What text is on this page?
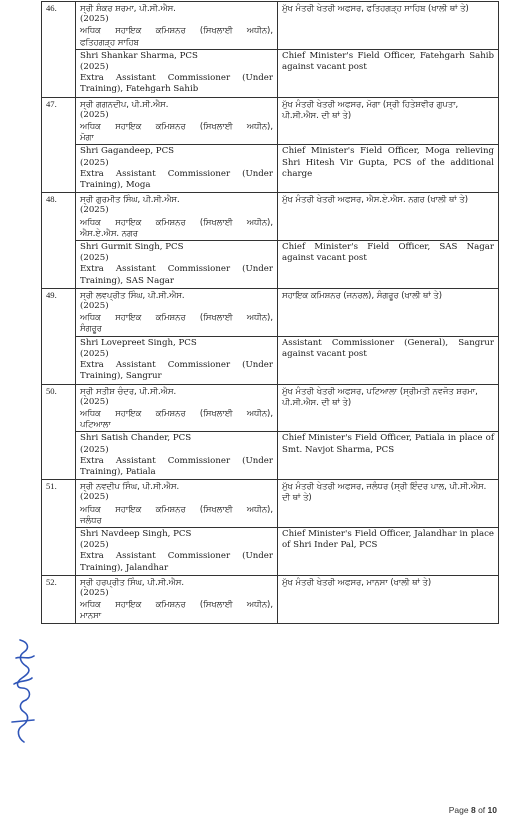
46.	ਸ੍ਰੀ ਸ਼ੰਕਰ ਸ਼ਰਮਾ, ਪੀ.ਸੀ.ਐਸ.
(2025)
ਅਧਿਕ ਸਹਾਇਕ ਕਮਿਸ਼ਨਰ (ਸਿਖਲਾਈ ਅਧੀਨ),
ਫਤਿਹਗੜ੍ਹ ਸਾਹਿਬ	ਮੁੱਖ ਮੰਤਰੀ ਖੇਤਰੀ ਅਫਸਰ, ਫਤਿਹਗੜ੍ਹ ਸਾਹਿਬ (ਖਾਲੀ ਥਾਂ ਤੇ)

	Shri Shankar Sharma, PCS
(2025)
Extra Assistant Commissioner (Under
Training), Fatehgarh Sahib	Chief Minister's Field Officer, Fatehgarh Sahib against vacant post

47.	ਸ੍ਰੀ ਗਗਨਦੀਪ, ਪੀ.ਸੀ.ਐਸ.
(2025)
ਅਧਿਕ ਸਹਾਇਕ ਕਮਿਸ਼ਨਰ (ਸਿਖਲਾਈ ਅਧੀਨ),
ਮੋਗਾ	ਮੁੱਖ ਮੰਤਰੀ ਖੇਤਰੀ ਅਫਸਰ, ਮੋਗਾ (ਸ੍ਰੀ ਹਿਤੇਸ਼ਵੀਰ ਗੁਪਤਾ, ਪੀ.ਸੀ.ਐਸ. ਦੀ ਥਾਂ ਤੇ)

	Shri Gagandeep, PCS
(2025)
Extra Assistant Commissioner (Under
Training), Moga	Chief Minister's Field Officer, Moga relieving Shri Hitesh Vir Gupta, PCS of the additional charge

48.	ਸ੍ਰੀ ਗੁਰਮੀਤ ਸਿੰਘ, ਪੀ.ਸੀ.ਐਸ.
(2025)
ਅਧਿਕ ਸਹਾਇਕ ਕਮਿਸ਼ਨਰ (ਸਿਖਲਾਈ ਅਧੀਨ),
ਐਸ.ਏ.ਐਸ. ਨਗਰ	ਮੁੱਖ ਮੰਤਰੀ ਖੇਤਰੀ ਅਫਸਰ, ਐਸ.ਏ.ਐਸ. ਨਗਰ (ਖਾਲੀ ਥਾਂ ਤੇ)

	Shri Gurmit Singh, PCS
(2025)
Extra Assistant Commissioner (Under
Training), SAS Nagar	Chief Minister's Field Officer, SAS Nagar against vacant post

49.	ਸ੍ਰੀ ਲਵਪ੍ਰੀਤ ਸਿੰਘ, ਪੀ.ਸੀ.ਐਸ.
(2025)
ਅਧਿਕ ਸਹਾਇਕ ਕਮਿਸ਼ਨਰ (ਸਿਖਲਾਈ ਅਧੀਨ),
ਸੰਗਰੂਰ	ਸਹਾਇਕ ਕਮਿਸ਼ਨਰ (ਜਨਰਲ), ਸੰਗਰੂਰ (ਖਾਲੀ ਥਾਂ ਤੇ)

	Shri Lovepreet Singh, PCS
(2025)
Extra Assistant Commissioner (Under
Training), Sangrur	Assistant Commissioner (General), Sangrur against vacant post

50.	ਸ੍ਰੀ ਸਤੀਸ਼ ਚੰਦਰ, ਪੀ.ਸੀ.ਐਸ.
(2025)
ਅਧਿਕ ਸਹਾਇਕ ਕਮਿਸ਼ਨਰ (ਸਿਖਲਾਈ ਅਧੀਨ),
ਪਟਿਆਲਾ	ਮੁੱਖ ਮੰਤਰੀ ਖੇਤਰੀ ਅਫਸਰ, ਪਟਿਆਲਾ (ਸ੍ਰੀਮਤੀ ਨਵਜੋਤ ਸ਼ਰਮਾ, ਪੀ.ਸੀ.ਐਸ. ਦੀ ਥਾਂ ਤੇ)

	Shri Satish Chander, PCS
(2025)
Extra Assistant Commissioner (Under
Training), Patiala	Chief Minister's Field Officer, Patiala in place of Smt. Navjot Sharma, PCS

51.	ਸ੍ਰੀ ਨਵਦੀਪ ਸਿੰਘ, ਪੀ.ਸੀ.ਐਸ.
(2025)
ਅਧਿਕ ਸਹਾਇਕ ਕਮਿਸ਼ਨਰ (ਸਿਖਲਾਈ ਅਧੀਨ),
ਜਲੰਧਰ	ਮੁੱਖ ਮੰਤਰੀ ਖੇਤਰੀ ਅਫਸਰ, ਜਲੰਧਰ (ਸ੍ਰੀ ਇੰਦਰ ਪਾਲ, ਪੀ.ਸੀ.ਐਸ. ਦੀ ਥਾਂ ਤੇ)

	Shri Navdeep Singh, PCS
(2025)
Extra Assistant Commissioner (Under
Training), Jalandhar	Chief Minister's Field Officer, Jalandhar in place of Shri Inder Pal, PCS

52.	ਸ੍ਰੀ ਹਰਪ੍ਰੀਤ ਸਿੰਘ, ਪੀ.ਸੀ.ਐਸ.
(2025)
ਅਧਿਕ ਸਹਾਇਕ ਕਮਿਸ਼ਨਰ (ਸਿਖਲਾਈ ਅਧੀਨ),
ਮਾਨਸਾ	ਮੁੱਖ ਮੰਤਰੀ ਖੇਤਰੀ ਅਫਸਰ, ਮਾਨਸਾ (ਖਾਲੀ ਥਾਂ ਤੇ)
Page 8 of 10
